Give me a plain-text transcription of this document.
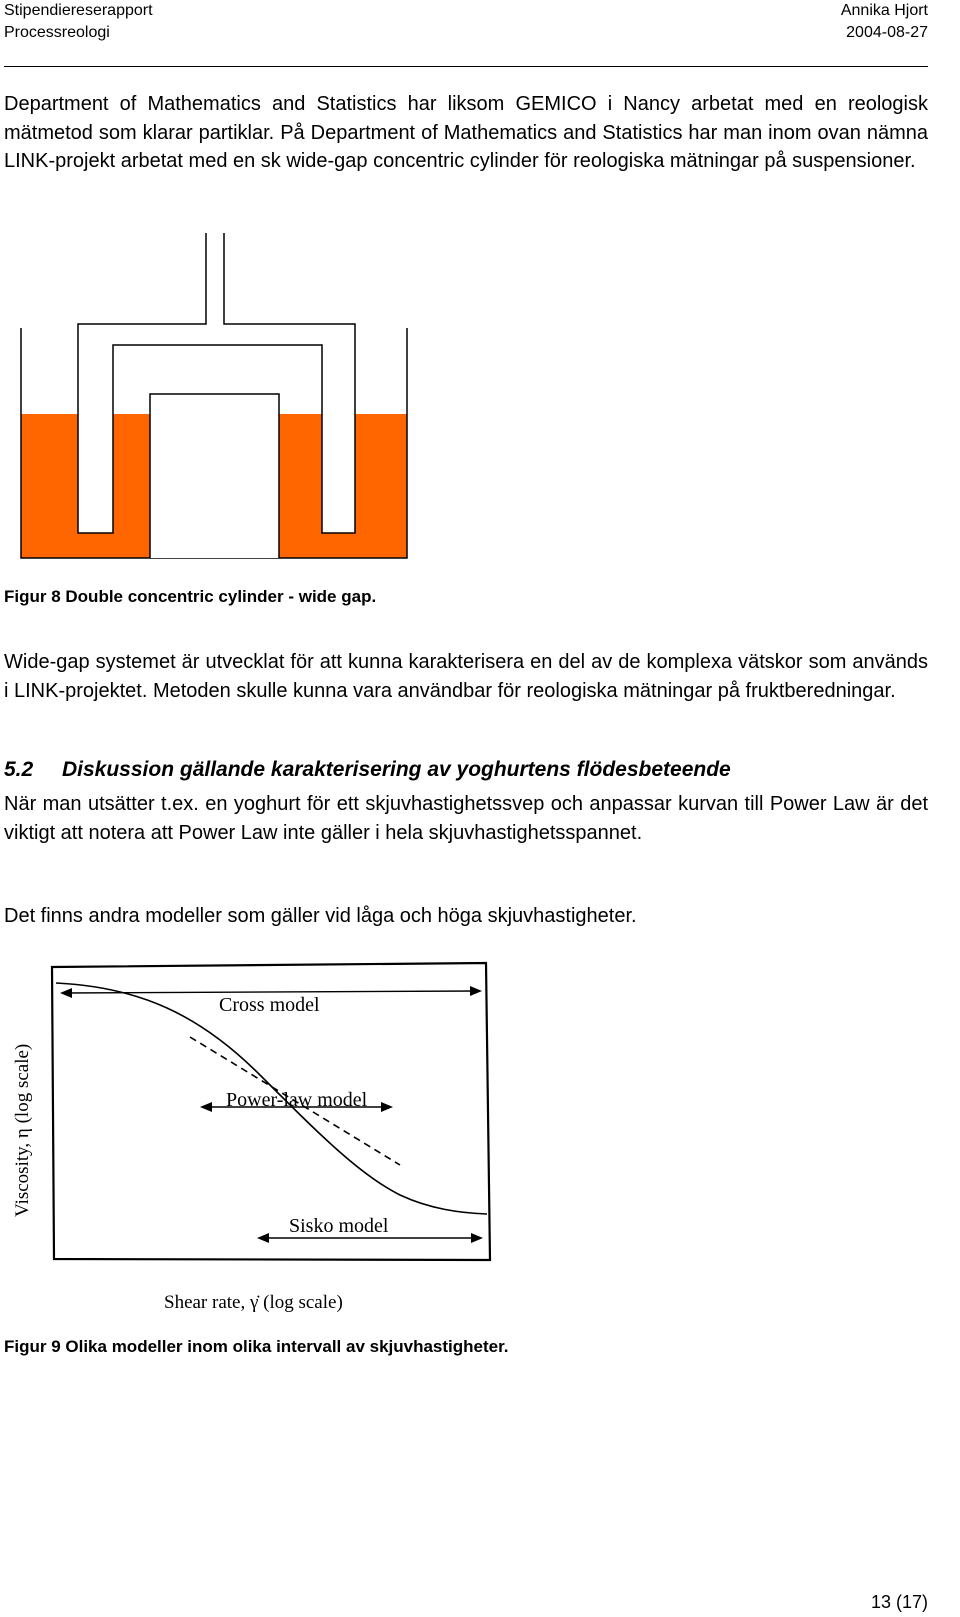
Stipendiereserapport
Processreologi
Annika Hjort
2004-08-27

Department of Mathematics and Statistics har liksom GEMICO i Nancy arbetat med en reologisk mätmetod som klarar partiklar. På Department of Mathematics and Statistics har man inom ovan nämna LINK-projekt arbetat med en sk wide-gap concentric cylinder för reologiska mätningar på suspensioner.

Figur 8 Double concentric cylinder - wide gap.

Wide-gap systemet är utvecklat för att kunna karakterisera en del av de komplexa vätskor som används i LINK-projektet. Metoden skulle kunna vara användbar för reologiska mätningar på fruktberedningar.

5.2 Diskussion gällande karakterisering av yoghurtens flödesbeteende

När man utsätter t.ex. en yoghurt för ett skjuvhastighetssvep och anpassar kurvan till Power Law är det viktigt att notera att Power Law inte gäller i hela skjuvhastighetsspannet.

Det finns andra modeller som gäller vid låga och höga skjuvhastigheter.

Cross model
Power-law model
Sisko model
Viscosity, η (log scale)
Shear rate, γ̇ (log scale)
Figur 9 Olika modeller inom olika intervall av skjuvhastigheter.
13 (17)
